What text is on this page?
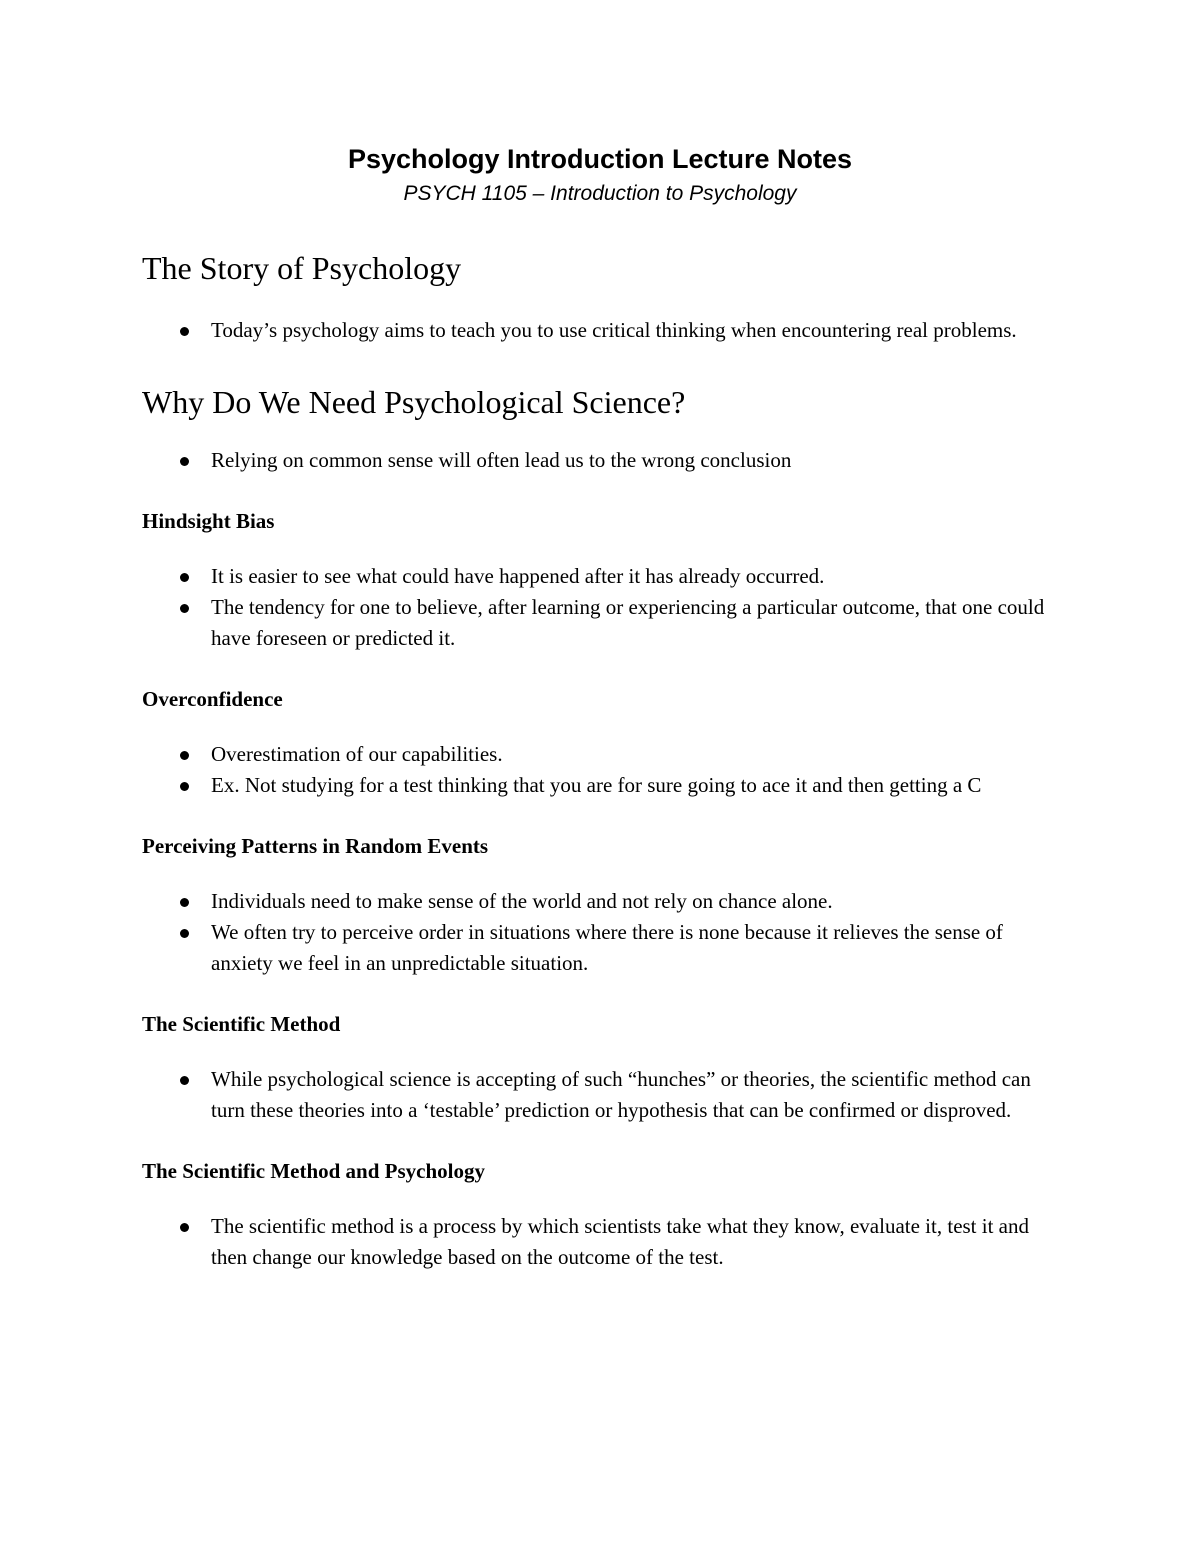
Psychology Introduction Lecture Notes
PSYCH 1105 – Introduction to Psychology
The Story of Psychology
Today’s psychology aims to teach you to use critical thinking when encountering real problems.
Why Do We Need Psychological Science?
Relying on common sense will often lead us to the wrong conclusion
Hindsight Bias
It is easier to see what could have happened after it has already occurred.
The tendency for one to believe, after learning or experiencing a particular outcome, that one could have foreseen or predicted it.
Overconfidence
Overestimation of our capabilities.
Ex. Not studying for a test thinking that you are for sure going to ace it and then getting a C
Perceiving Patterns in Random Events
Individuals need to make sense of the world and not rely on chance alone.
We often try to perceive order in situations where there is none because it relieves the sense of anxiety we feel in an unpredictable situation.
The Scientific Method
While psychological science is accepting of such “hunches” or theories, the scientific method can turn these theories into a ‘testable’ prediction or hypothesis that can be confirmed or disproved.
The Scientific Method and Psychology
The scientific method is a process by which scientists take what they know, evaluate it, test it and then change our knowledge based on the outcome of the test.
